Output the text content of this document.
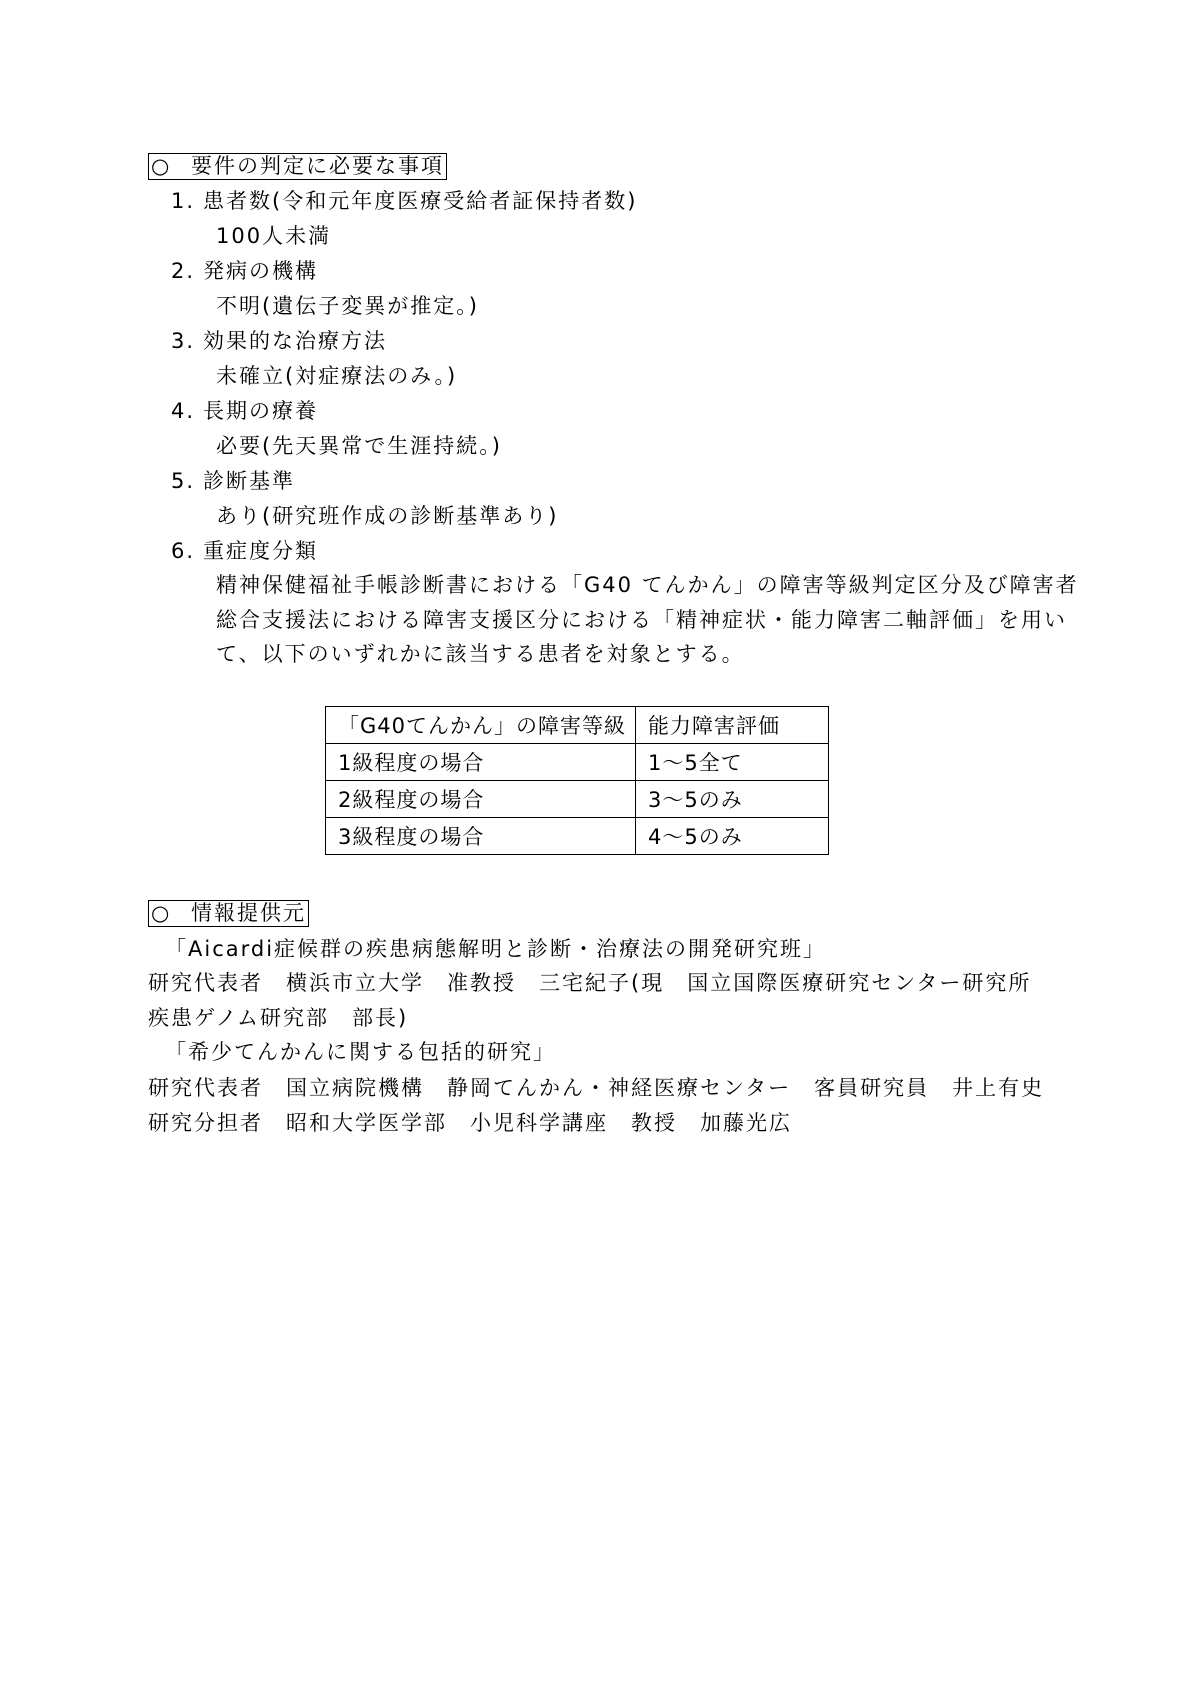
○ 要件の判定に必要な事項
1. 患者数(令和元年度医療受給者証保持者数)
100人未満
2. 発病の機構
不明(遺伝子変異が推定。)
3. 効果的な治療方法
未確立(対症療法のみ。)
4. 長期の療養
必要(先天異常で生涯持続。)
5. 診断基準
あり(研究班作成の診断基準あり)
6. 重症度分類
精神保健福祉手帳診断書における「G40 てんかん」の障害等級判定区分及び障害者
総合支援法における障害支援区分における「精神症状・能力障害二軸評価」を用い
て、以下のいずれかに該当する患者を対象とする。
「G40てんかん」の障害等級	能力障害評価
1級程度の場合	1～5全て
2級程度の場合	3～5のみ
3級程度の場合	4～5のみ
○ 情報提供元
「Aicardi症候群の疾患病態解明と診断・治療法の開発研究班」
研究代表者　横浜市立大学　准教授　三宅紀子(現　国立国際医療研究センター研究所
疾患ゲノム研究部　部長)
「希少てんかんに関する包括的研究」
研究代表者　国立病院機構　静岡てんかん・神経医療センター　客員研究員　井上有史
研究分担者　昭和大学医学部　小児科学講座　教授　加藤光広
